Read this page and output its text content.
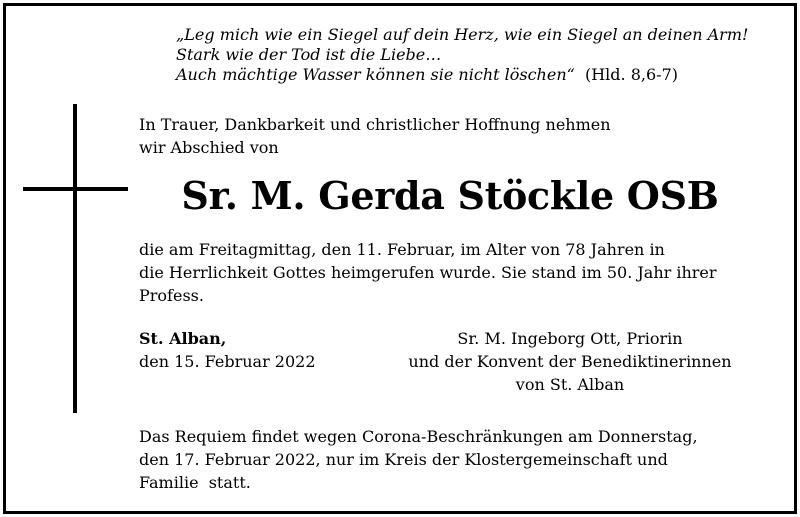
„Leg mich wie ein Siegel auf dein Herz, wie ein Siegel an deinen Arm!
Stark wie der Tod ist die Liebe…
Auch mächtige Wasser können sie nicht löschen“ (Hld. 8,6-7)
In Trauer, Dankbarkeit und christlicher Hoffnung nehmen
wir Abschied von
Sr. M. Gerda Stöckle OSB
die am Freitagmittag, den 11. Februar, im Alter von 78 Jahren in
die Herrlichkeit Gottes heimgerufen wurde. Sie stand im 50. Jahr ihrer
Profess.
St. Alban,
den 15. Februar 2022
Sr. M. Ingeborg Ott, Priorin
und der Konvent der Benediktinerinnen
von St. Alban
Das Requiem findet wegen Corona-Beschränkungen am Donnerstag,
den 17. Februar 2022, nur im Kreis der Klostergemeinschaft und
Familie  statt.
